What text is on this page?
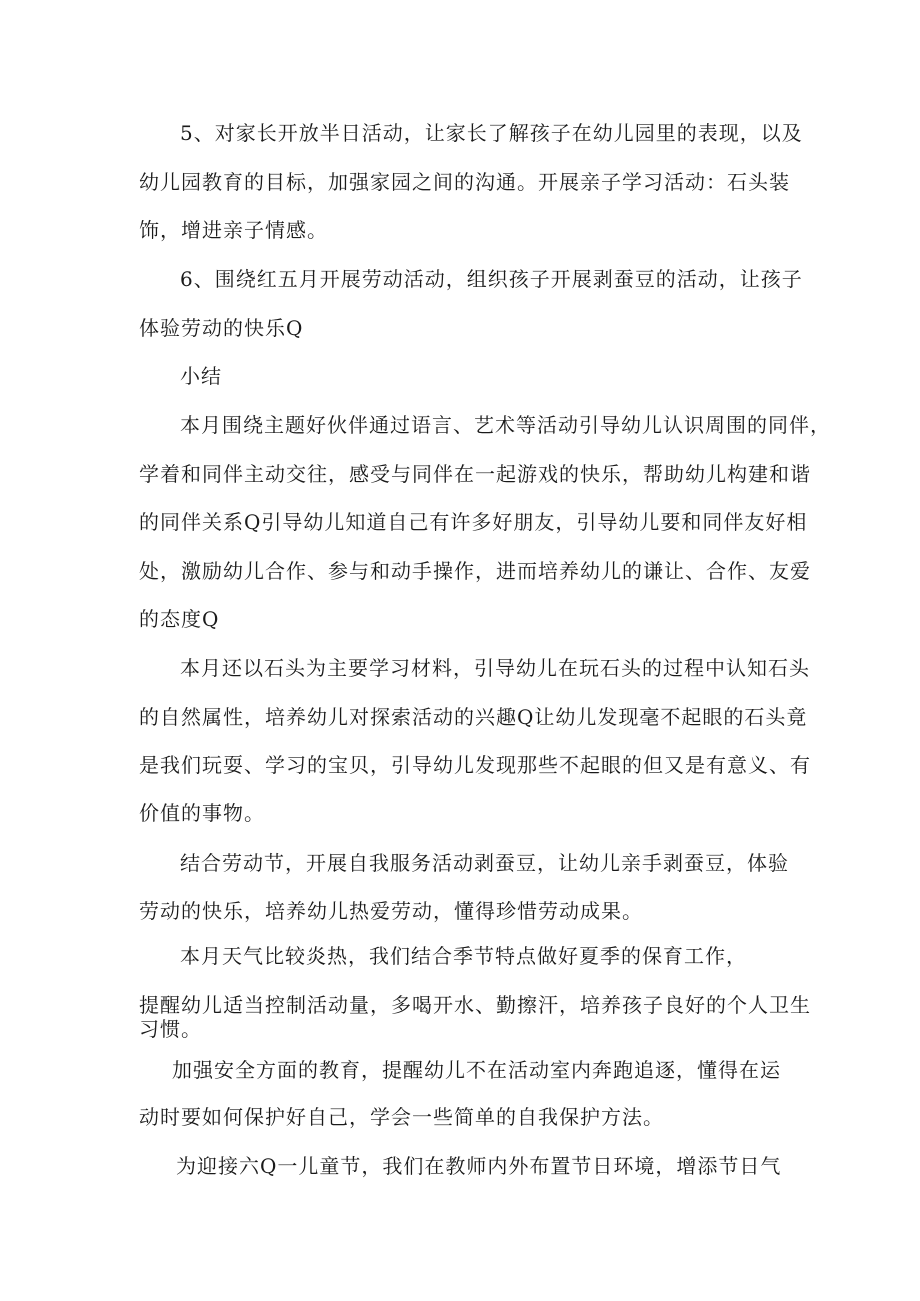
5、对家长开放半日活动，让家长了解孩子在幼儿园里的表现，以及
幼儿园教育的目标，加强家园之间的沟通。开展亲子学习活动：石头装
饰，增进亲子情感。
6、围绕红五月开展劳动活动，组织孩子开展剥蚕豆的活动，让孩子
体验劳动的快乐Q
小结
本月围绕主题好伙伴通过语言、艺术等活动引导幼儿认识周围的同伴，
学着和同伴主动交往，感受与同伴在一起游戏的快乐，帮助幼儿构建和谐
的同伴关系Q引导幼儿知道自己有许多好朋友，引导幼儿要和同伴友好相
处，激励幼儿合作、参与和动手操作，进而培养幼儿的谦让、合作、友爱
的态度Q
本月还以石头为主要学习材料，引导幼儿在玩石头的过程中认知石头
的自然属性，培养幼儿对探索活动的兴趣Q让幼儿发现毫不起眼的石头竟
是我们玩耍、学习的宝贝，引导幼儿发现那些不起眼的但又是有意义、有
价值的事物。
结合劳动节，开展自我服务活动剥蚕豆，让幼儿亲手剥蚕豆，体验
劳动的快乐，培养幼儿热爱劳动，懂得珍惜劳动成果。
本月天气比较炎热，我们结合季节特点做好夏季的保育工作，
提醒幼儿适当控制活动量，多喝开水、勤擦汗，培养孩子良好的个人卫生
习惯。
加强安全方面的教育，提醒幼儿不在活动室内奔跑追逐，懂得在运
动时要如何保护好自己，学会一些简单的自我保护方法。
为迎接六Q一儿童节，我们在教师内外布置节日环境，增添节日气
